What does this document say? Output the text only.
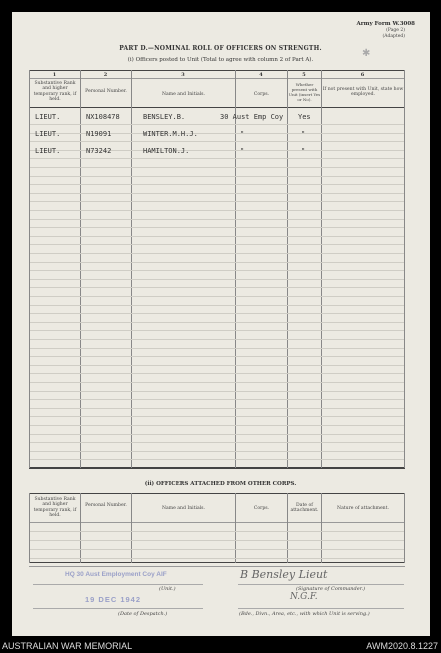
Army Form W.3008
(Page 2)
(Adapted)
✱
PART D.—NOMINAL ROLL OF OFFICERS ON STRENGTH.
(i) Officers posted to Unit (Total to agree with column 2 of Part A).
1	2	3	4	5	6
Substantive Rank and higher temporary rank, if held.
Personal Number.
Name and Initials.	Corps.
Whether present with Unit (insert Yes or No).
If not present with Unit, state how employed.
LIEUT.	NX108478	BENSLEY.B.	30 Aust Emp Coy Yes
LIEUT.	N19091	WINTER.M.H.J.	"	"
LIEUT.	N73242	HAMILTON.J.	"	"
(ii) OFFICERS ATTACHED FROM OTHER CORPS.
Substantive Rank and higher temporary rank, if held.
Personal Number.
Name and Initials.	Corps.
Date of attachment.	Nature of attachment.
HQ 30 Aust Employment Coy AIF
19 DEC 1942
(Unit.)
B Bensley Lieut
(Signature of Commander.)
N.G.F.
(Date of Despatch.)	(Bde., Divn., Area, etc., with which Unit is serving.)
AUSTRALIAN WAR MEMORIAL	AWM2020.8.1227
